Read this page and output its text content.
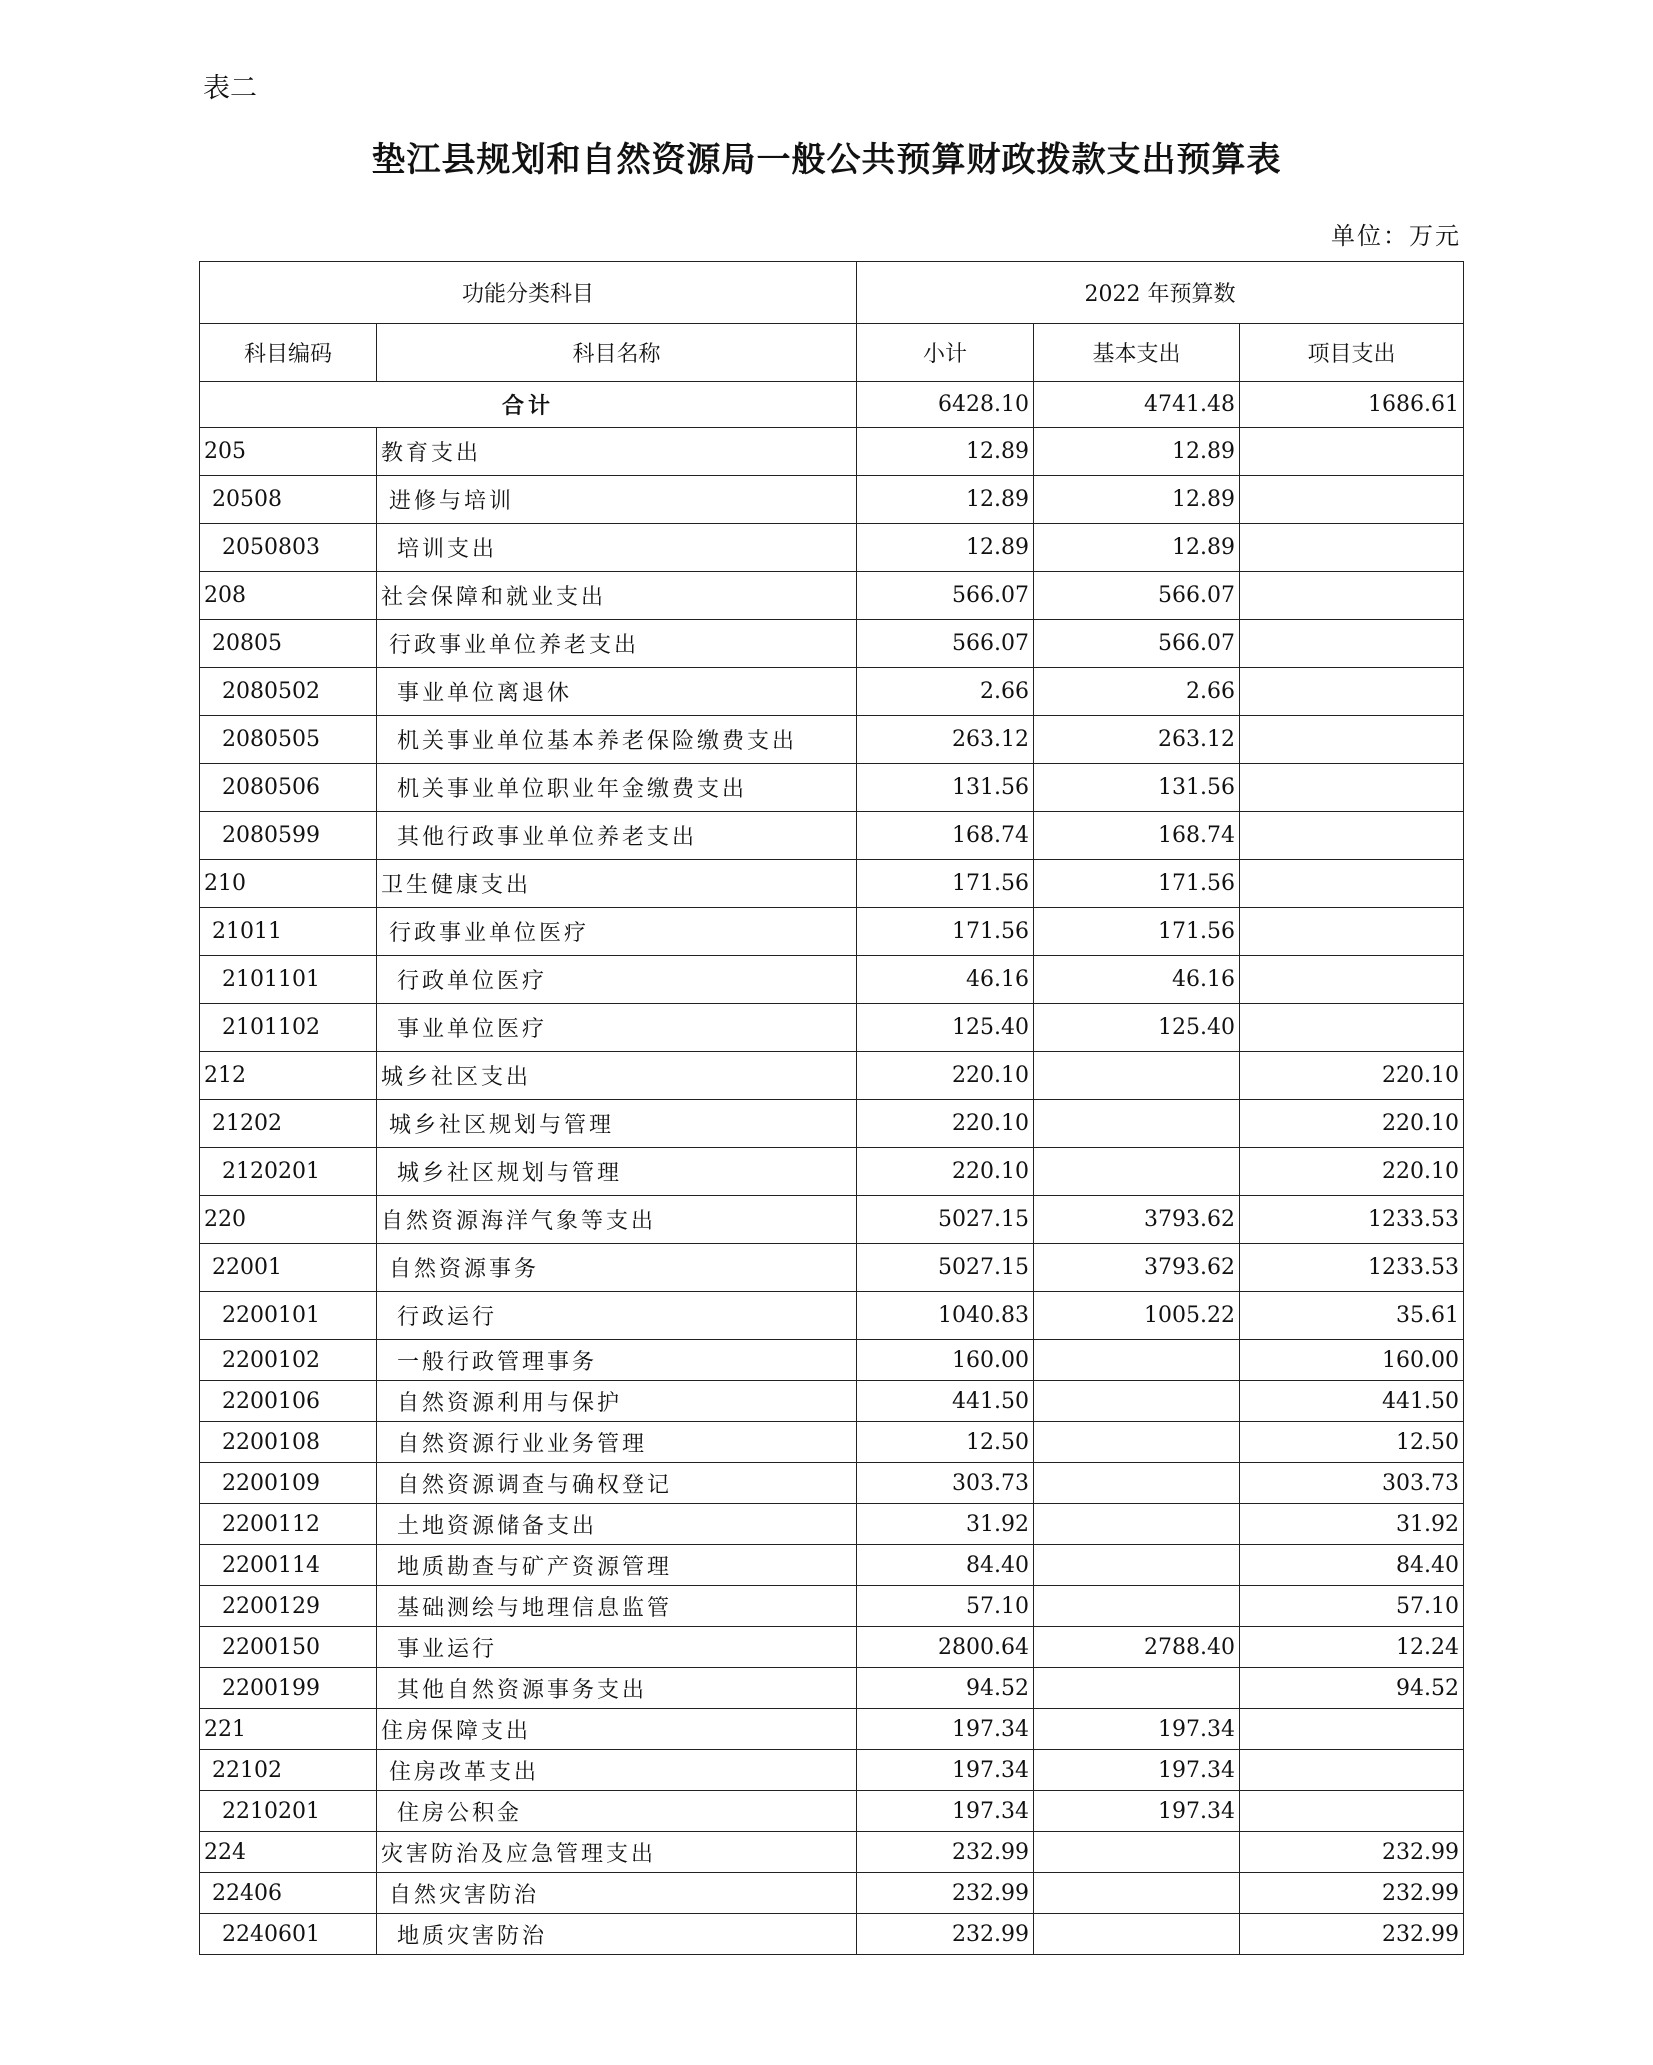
表二
垫江县规划和自然资源局一般公共预算财政拨款支出预算表
单位：万元
功能分类科目		2022 年预算数		
科目编码	科目名称	小计	基本支出	项目支出
合计		6428.10	4741.48	1686.61
205	教育支出	12.89	12.89	
20508	进修与培训	12.89	12.89	
2050803	培训支出	12.89	12.89	
208	社会保障和就业支出	566.07	566.07	
20805	行政事业单位养老支出	566.07	566.07	
2080502	事业单位离退休	2.66	2.66	
2080505	机关事业单位基本养老保险缴费支出	263.12	263.12	
2080506	机关事业单位职业年金缴费支出	131.56	131.56	
2080599	其他行政事业单位养老支出	168.74	168.74	
210	卫生健康支出	171.56	171.56	
21011	行政事业单位医疗	171.56	171.56	
2101101	行政单位医疗	46.16	46.16	
2101102	事业单位医疗	125.40	125.40	
212	城乡社区支出	220.10		220.10
21202	城乡社区规划与管理	220.10		220.10
2120201	城乡社区规划与管理	220.10		220.10
220	自然资源海洋气象等支出	5027.15	3793.62	1233.53
22001	自然资源事务	5027.15	3793.62	1233.53
2200101	行政运行	1040.83	1005.22	35.61
2200102	一般行政管理事务	160.00		160.00
2200106	自然资源利用与保护	441.50		441.50
2200108	自然资源行业业务管理	12.50		12.50
2200109	自然资源调查与确权登记	303.73		303.73
2200112	土地资源储备支出	31.92		31.92
2200114	地质勘查与矿产资源管理	84.40		84.40
2200129	基础测绘与地理信息监管	57.10		57.10
2200150	事业运行	2800.64	2788.40	12.24
2200199	其他自然资源事务支出	94.52		94.52
221	住房保障支出	197.34	197.34	
22102	住房改革支出	197.34	197.34	
2210201	住房公积金	197.34	197.34	
224	灾害防治及应急管理支出	232.99		232.99
22406	自然灾害防治	232.99		232.99
2240601	地质灾害防治	232.99		232.99
